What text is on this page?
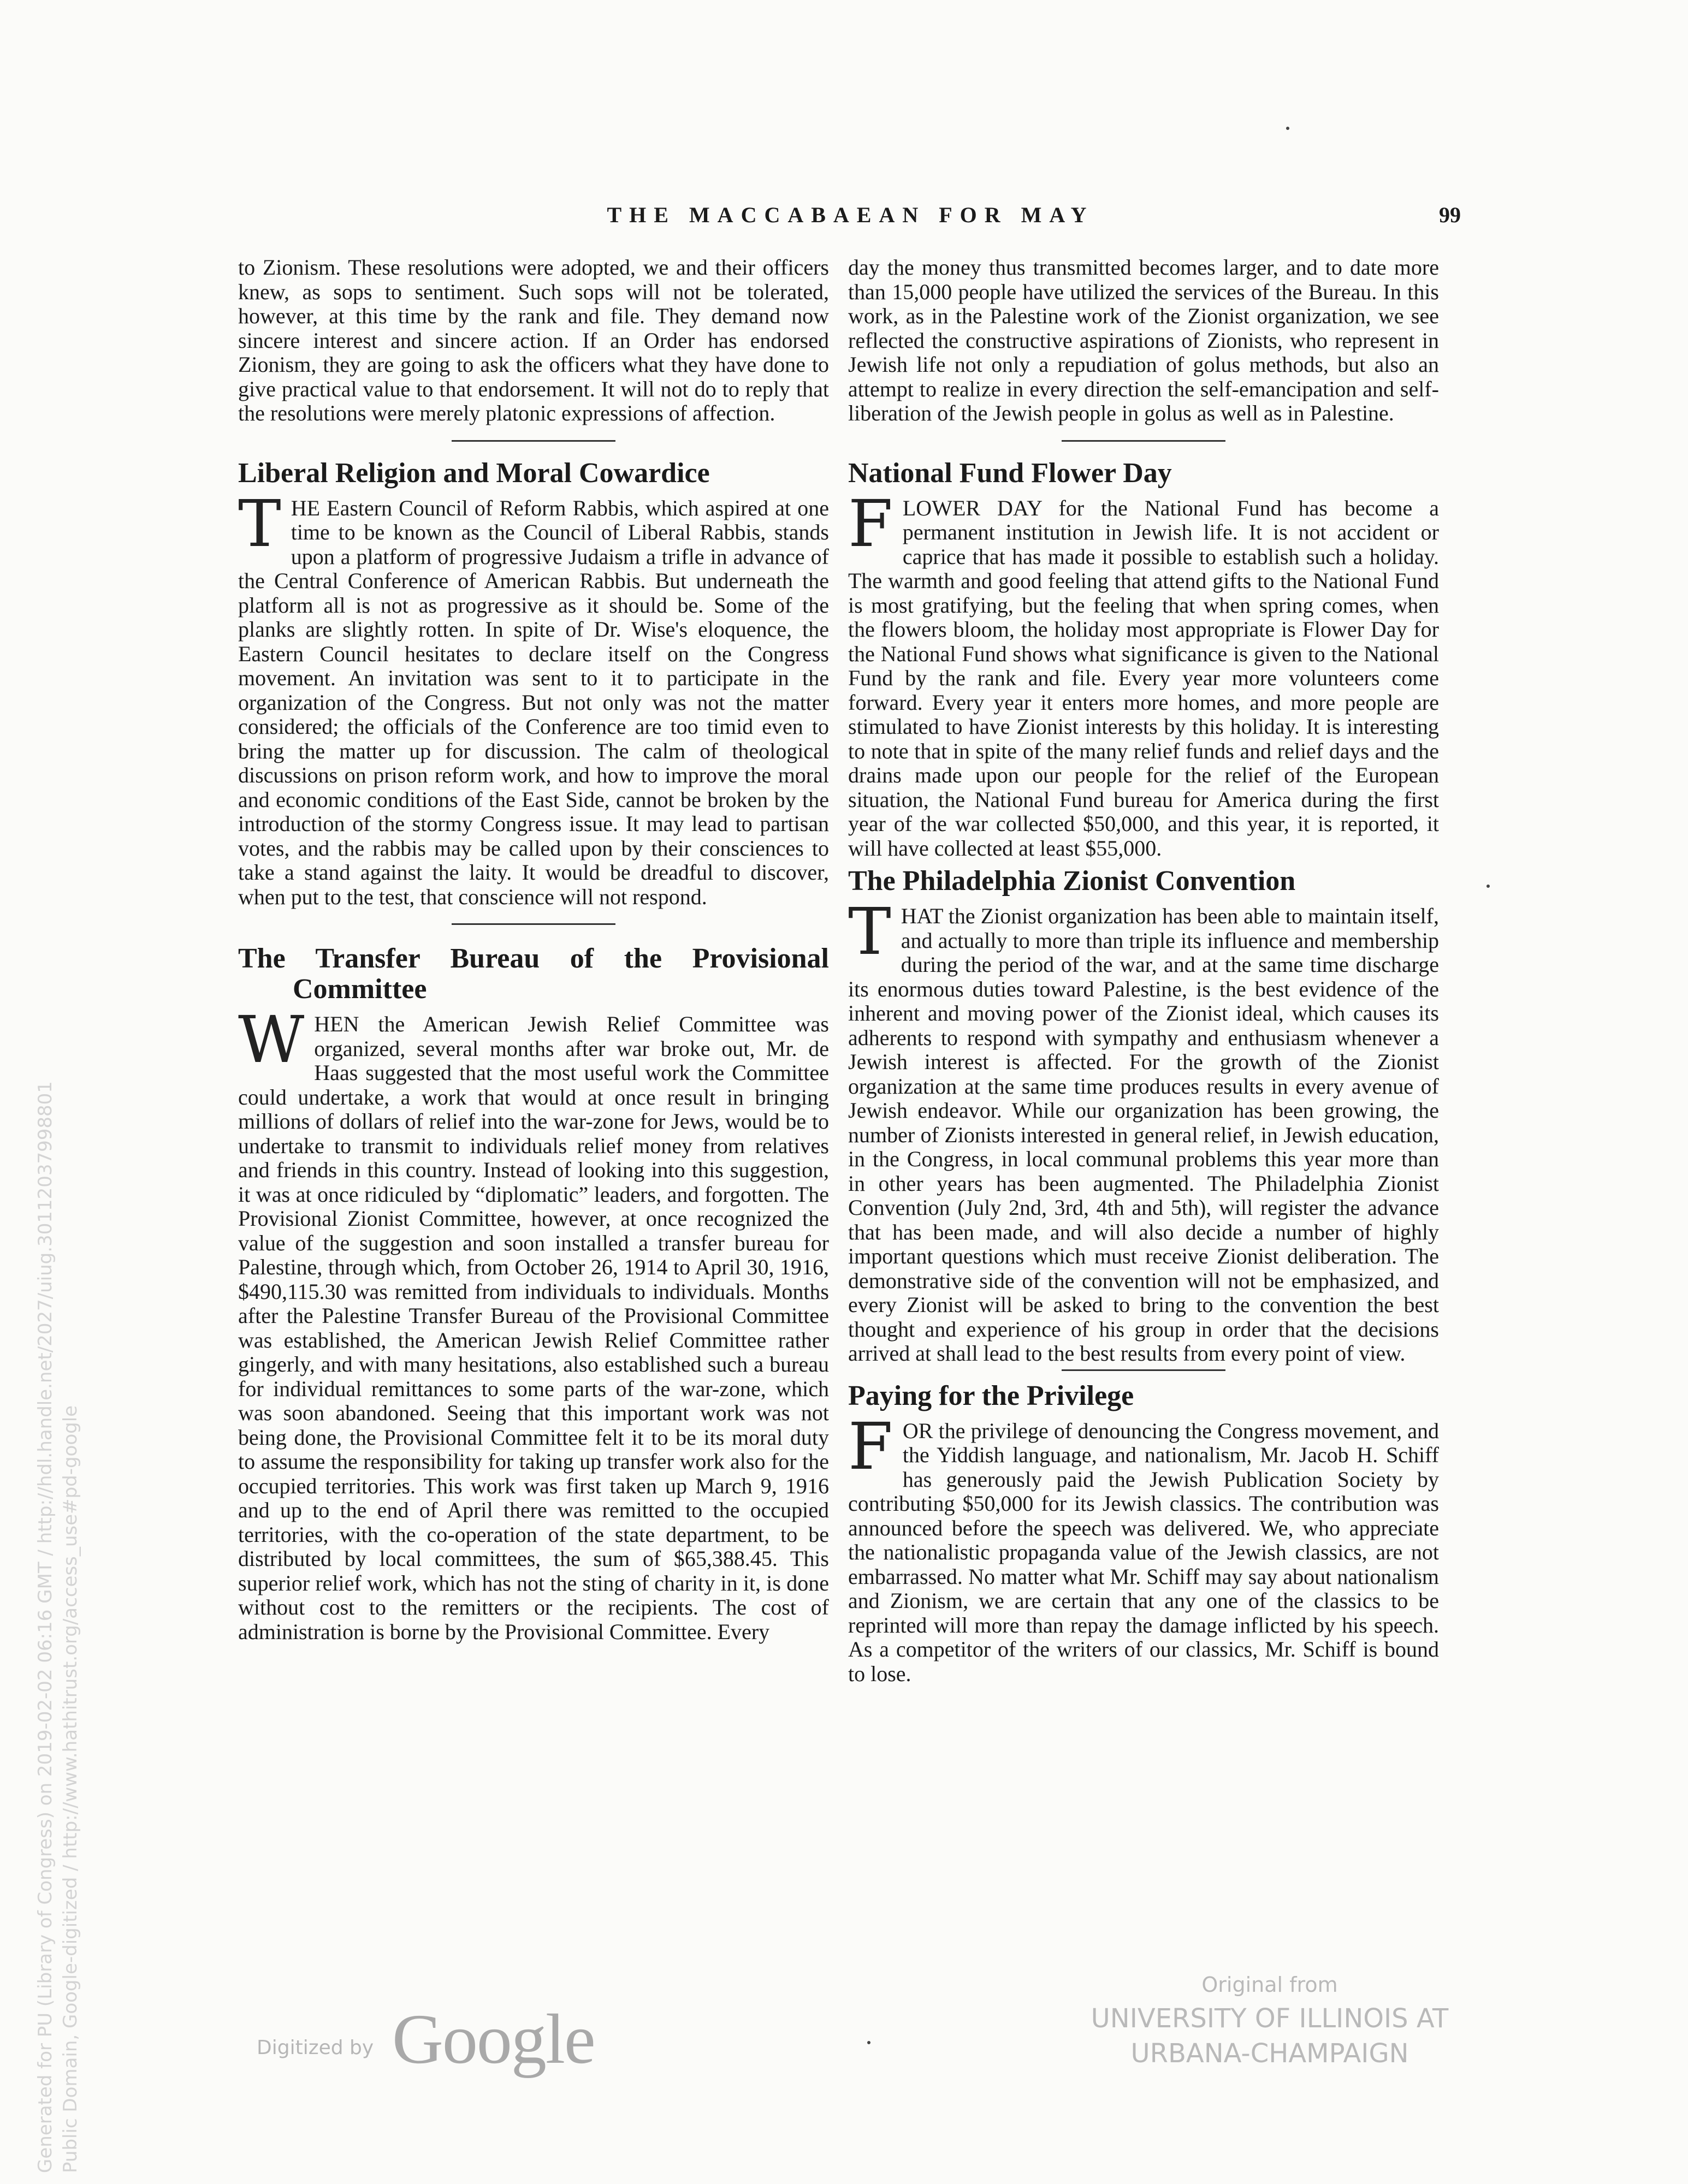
THE MACCABAEAN FOR MAY	99

to Zionism. These resolutions were adopted, we and their officers knew, as sops to sentiment. Such sops will not be tolerated, however, at this time by the rank and file. They demand now sincere interest and sincere action. If an Order has endorsed Zionism, they are going to ask the officers what they have done to give practical value to that endorsement. It will not do to reply that the resolutions were merely platonic expressions of affection.

Liberal Religion and Moral Cowardice

THE Eastern Council of Reform Rabbis, which aspired at one time to be known as the Council of Liberal Rabbis, stands upon a platform of progressive Judaism a trifle in advance of the Central Conference of American Rabbis. But underneath the platform all is not as progressive as it should be. Some of the planks are slightly rotten. In spite of Dr. Wise's eloquence, the Eastern Council hesitates to declare itself on the Congress movement. An invitation was sent to it to participate in the organization of the Congress. But not only was not the matter considered; the officials of the Conference are too timid even to bring the matter up for discussion. The calm of theological discussions on prison reform work, and how to improve the moral and economic conditions of the East Side, cannot be broken by the introduction of the stormy Congress issue. It may lead to partisan votes, and the rabbis may be called upon by their consciences to take a stand against the laity. It would be dreadful to discover, when put to the test, that conscience will not respond.

The Transfer Bureau of the Provisional Committee

WHEN the American Jewish Relief Committee was organized, several months after war broke out, Mr. de Haas suggested that the most useful work the Committee could undertake, a work that would at once result in bringing millions of dollars of relief into the war-zone for Jews, would be to undertake to transmit to individuals relief money from relatives and friends in this country. Instead of looking into this suggestion, it was at once ridiculed by “diplomatic” leaders, and forgotten. The Provisional Zionist Committee, however, at once recognized the value of the suggestion and soon installed a transfer bureau for Palestine, through which, from October 26, 1914 to April 30, 1916, $490,115.30 was remitted from individuals to individuals. Months after the Palestine Transfer Bureau of the Provisional Committee was established, the American Jewish Relief Committee rather gingerly, and with many hesitations, also established such a bureau for individual remittances to some parts of the war-zone, which was soon abandoned. Seeing that this important work was not being done, the Provisional Committee felt it to be its moral duty to assume the responsibility for taking up transfer work also for the occupied territories. This work was first taken up March 9, 1916 and up to the end of April there was remitted to the occupied territories, with the co-operation of the state department, to be distributed by local committees, the sum of $65,388.45. This superior relief work, which has not the sting of charity in it, is done without cost to the remitters or the recipients. The cost of administration is borne by the Provisional Committee. Every

day the money thus transmitted becomes larger, and to date more than 15,000 people have utilized the services of the Bureau. In this work, as in the Palestine work of the Zionist organization, we see reflected the constructive aspirations of Zionists, who represent in Jewish life not only a repudiation of golus methods, but also an attempt to realize in every direction the self-emancipation and self-liberation of the Jewish people in golus as well as in Palestine.

National Fund Flower Day

FLOWER DAY for the National Fund has become a permanent institution in Jewish life. It is not accident or caprice that has made it possible to establish such a holiday. The warmth and good feeling that attend gifts to the National Fund is most gratifying, but the feeling that when spring comes, when the flowers bloom, the holiday most appropriate is Flower Day for the National Fund shows what significance is given to the National Fund by the rank and file. Every year more volunteers come forward. Every year it enters more homes, and more people are stimulated to have Zionist interests by this holiday. It is interesting to note that in spite of the many relief funds and relief days and the drains made upon our people for the relief of the European situation, the National Fund bureau for America during the first year of the war collected $50,000, and this year, it is reported, it will have collected at least $55,000.

The Philadelphia Zionist Convention

THAT the Zionist organization has been able to maintain itself, and actually to more than triple its influence and membership during the period of the war, and at the same time discharge its enormous duties toward Palestine, is the best evidence of the inherent and moving power of the Zionist ideal, which causes its adherents to respond with sympathy and enthusiasm whenever a Jewish interest is affected. For the growth of the Zionist organization at the same time produces results in every avenue of Jewish endeavor. While our organization has been growing, the number of Zionists interested in general relief, in Jewish education, in the Congress, in local communal problems this year more than in other years has been augmented. The Philadelphia Zionist Convention (July 2nd, 3rd, 4th and 5th), will register the advance that has been made, and will also decide a number of highly important questions which must receive Zionist deliberation. The demonstrative side of the convention will not be emphasized, and every Zionist will be asked to bring to the convention the best thought and experience of his group in order that the decisions arrived at shall lead to the best results from every point of view.

Paying for the Privilege

FOR the privilege of denouncing the Congress movement, and the Yiddish language, and nationalism, Mr. Jacob H. Schiff has generously paid the Jewish Publication Society by contributing $50,000 for its Jewish classics. The contribution was announced before the speech was delivered. We, who appreciate the nationalistic propaganda value of the Jewish classics, are not embarrassed. No matter what Mr. Schiff may say about nationalism and Zionism, we are certain that any one of the classics to be reprinted will more than repay the damage inflicted by his speech. As a competitor of the writers of our classics, Mr. Schiff is bound to lose.

Generated for PU (Library of Congress) on 2019-02-02 06:16 GMT / http://hdl.handle.net/2027/uiug.30112037998801 Public Domain, Google-digitized / http://www.hathitrust.org/access_use#pd-google	Digitized by Google
Original from
UNIVERSITY OF ILLINOIS AT
URBANA-CHAMPAIGN
